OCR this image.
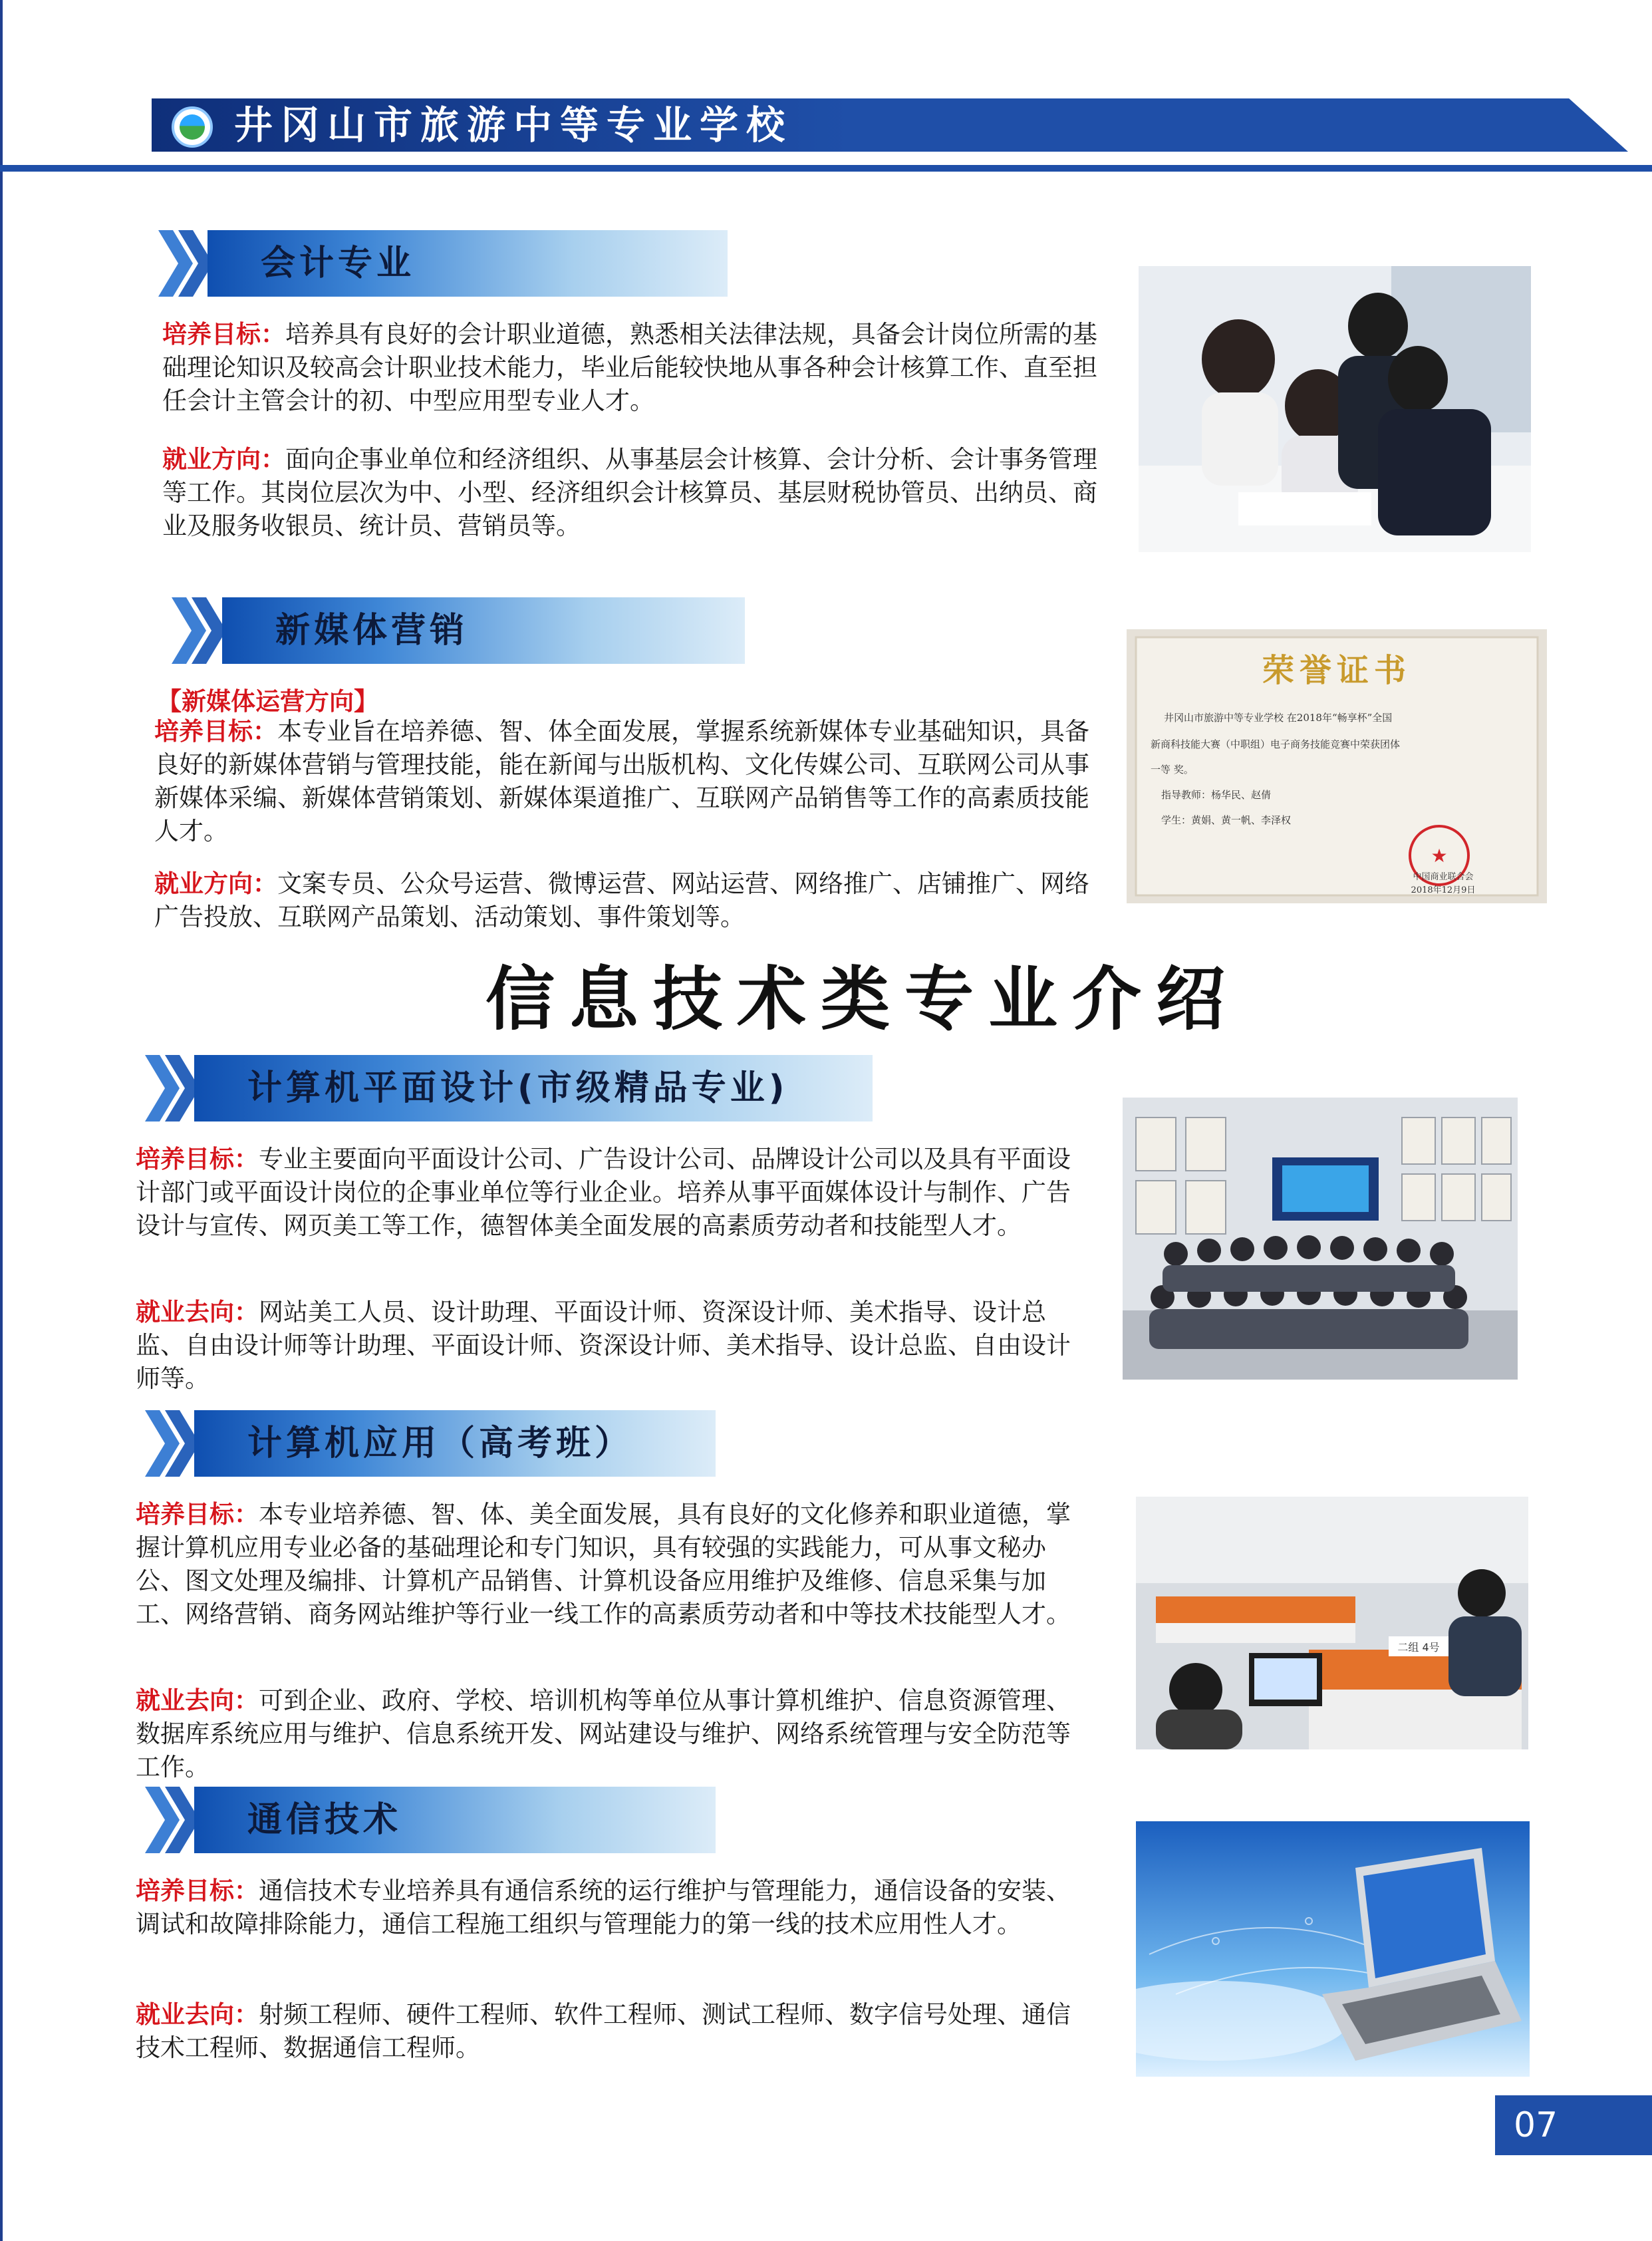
井冈山市旅游中等专业学校
会计专业

培养目标：培养具有良好的会计职业道德，熟悉相关法律法规，具备会计岗位所需的基础理论知识及较高会计职业技术能力，毕业后能较快地从事各种会计核算工作、直至担任会计主管会计的初、中型应用型专业人才。

就业方向：面向企事业单位和经济组织、从事基层会计核算、会计分析、会计事务管理等工作。其岗位层次为中、小型、经济组织会计核算员、基层财税协管员、出纳员、商业及服务收银员、统计员、营销员等。

新媒体营销
【新媒体运营方向】

培养目标：本专业旨在培养德、智、体全面发展，掌握系统新媒体专业基础知识，具备良好的新媒体营销与管理技能，能在新闻与出版机构、文化传媒公司、互联网公司从事新媒体采编、新媒体营销策划、新媒体渠道推广、互联网产品销售等工作的高素质技能人才。

就业方向：文案专员、公众号运营、微博运营、网站运营、网络推广、店铺推广、网络广告投放、互联网产品策划、活动策划、事件策划等。

荣誉证书
井冈山市旅游中等专业学校 在2018年“畅享杯”全国
新商科技能大赛（中职组）电子商务技能竞赛中荣获团体
一等 奖。
指导教师：杨华民、赵倩
学生：黄娟、黄一帆、李泽权
★
中国商业联合会
2018年12月9日
信息技术类专业介绍
计算机平面设计(市级精品专业)

培养目标：专业主要面向平面设计公司、广告设计公司、品牌设计公司以及具有平面设计部门或平面设计岗位的企事业单位等行业企业。培养从事平面媒体设计与制作、广告设计与宣传、网页美工等工作，德智体美全面发展的高素质劳动者和技能型人才。

就业去向：网站美工人员、设计助理、平面设计师、资深设计师、美术指导、设计总监、自由设计师等计助理、平面设计师、资深设计师、美术指导、设计总监、自由设计师等。

计算机应用（高考班）

培养目标：本专业培养德、智、体、美全面发展，具有良好的文化修养和职业道德，掌握计算机应用专业必备的基础理论和专门知识，具有较强的实践能力，可从事文秘办公、图文处理及编排、计算机产品销售、计算机设备应用维护及维修、信息采集与加工、网络营销、商务网站维护等行业一线工作的高素质劳动者和中等技术技能型人才。

就业去向：可到企业、政府、学校、培训机构等单位从事计算机维护、信息资源管理、数据库系统应用与维护、信息系统开发、网站建设与维护、网络系统管理与安全防范等工作。

二组 4号
通信技术

培养目标：通信技术专业培养具有通信系统的运行维护与管理能力，通信设备的安装、调试和故障排除能力，通信工程施工组织与管理能力的第一线的技术应用性人才。

就业去向：射频工程师、硬件工程师、软件工程师、测试工程师、数字信号处理、通信技术工程师、数据通信工程师。

07
